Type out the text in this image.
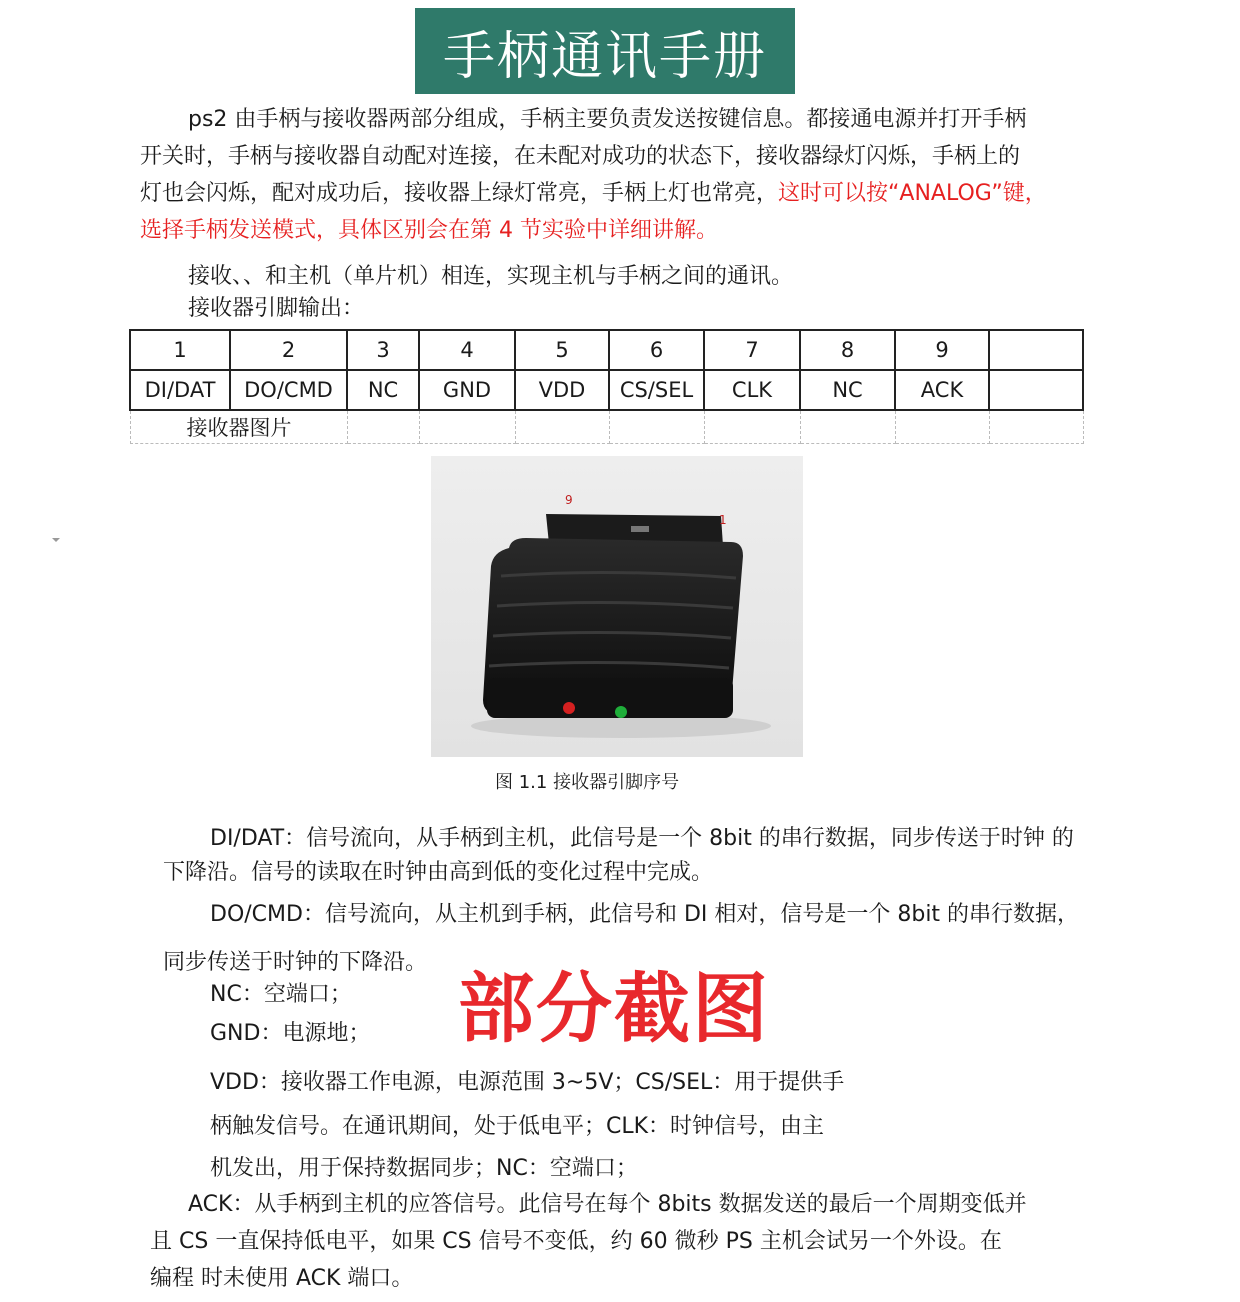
手柄通讯手册
ps2 由手柄与接收器两部分组成，手柄主要负责发送按键信息。都接通电源并打开手柄
开关时，手柄与接收器自动配对连接，在未配对成功的状态下，接收器绿灯闪烁，手柄上的
灯也会闪烁，配对成功后，接收器上绿灯常亮，手柄上灯也常亮，这时可以按“ANALOG”键，
选择手柄发送模式，具体区别会在第 4 节实验中详细讲解。
接收、、和主机（单片机）相连，实现主机与手柄之间的通讯。
接收器引脚输出：
1	2	3	4	5	6	7	8	9	
DI/DAT	DO/CMD	NC	GND	VDD	CS/SEL	CLK	NC	ACK	
接收器图片									
9
1
图 1.1 接收器引脚序号
DI/DAT：信号流向，从手柄到主机，此信号是一个 8bit 的串行数据，同步传送于时钟 的
下降沿。信号的读取在时钟由高到低的变化过程中完成。
DO/CMD：信号流向，从主机到手柄，此信号和 DI 相对，信号是一个 8bit 的串行数据，
同步传送于时钟的下降沿。
NC：空端口；
GND：电源地； 部分截图
VDD：接收器工作电源，电源范围 3~5V；CS/SEL：用于提供手
柄触发信号。在通讯期间，处于低电平；CLK：时钟信号，由主
机发出，用于保持数据同步；NC：空端口；
ACK：从手柄到主机的应答信号。此信号在每个 8bits 数据发送的最后一个周期变低并
且 CS 一直保持低电平，如果 CS 信号不变低，约 60 微秒 PS 主机会试另一个外设。在
编程 时未使用 ACK 端口。
